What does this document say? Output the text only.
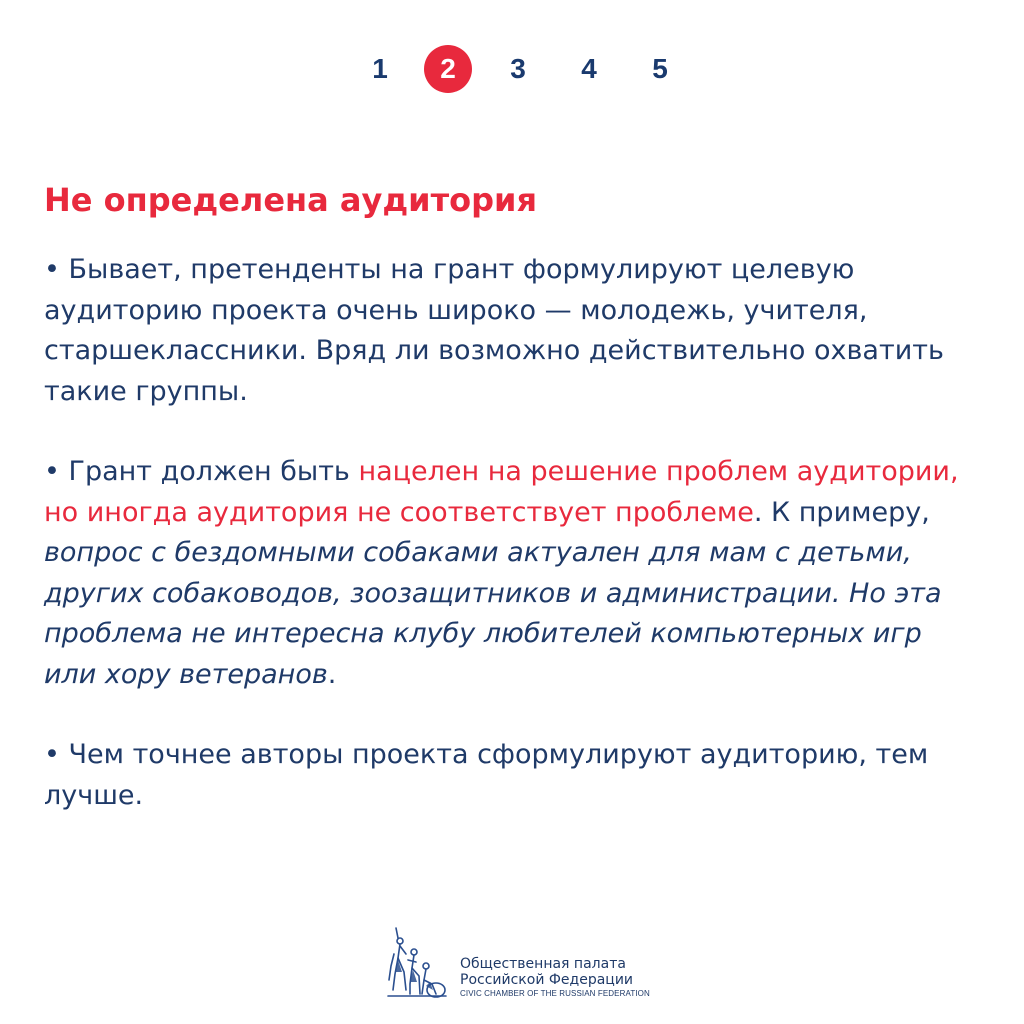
1	2	3	4	5
Не определена аудитория

• Бывает, претенденты на грант формулируют целевую аудиторию проекта очень широко — молодежь, учителя, старшеклассники. Вряд ли возможно действительно охватить такие группы.

• Грант должен быть нацелен на решение проблем аудитории, но иногда аудитория не соответствует проблеме. К примеру, вопрос с бездомными собаками актуален для мам с детьми, других собаководов, зоозащитников и администрации. Но эта проблема не интересна клубу любителей компьютерных игр или хору ветеранов.

• Чем точнее авторы проекта сформулируют аудиторию, тем лучше.

Общественная палата
Российской Федерации
CIVIC CHAMBER OF THE RUSSIAN FEDERATION
